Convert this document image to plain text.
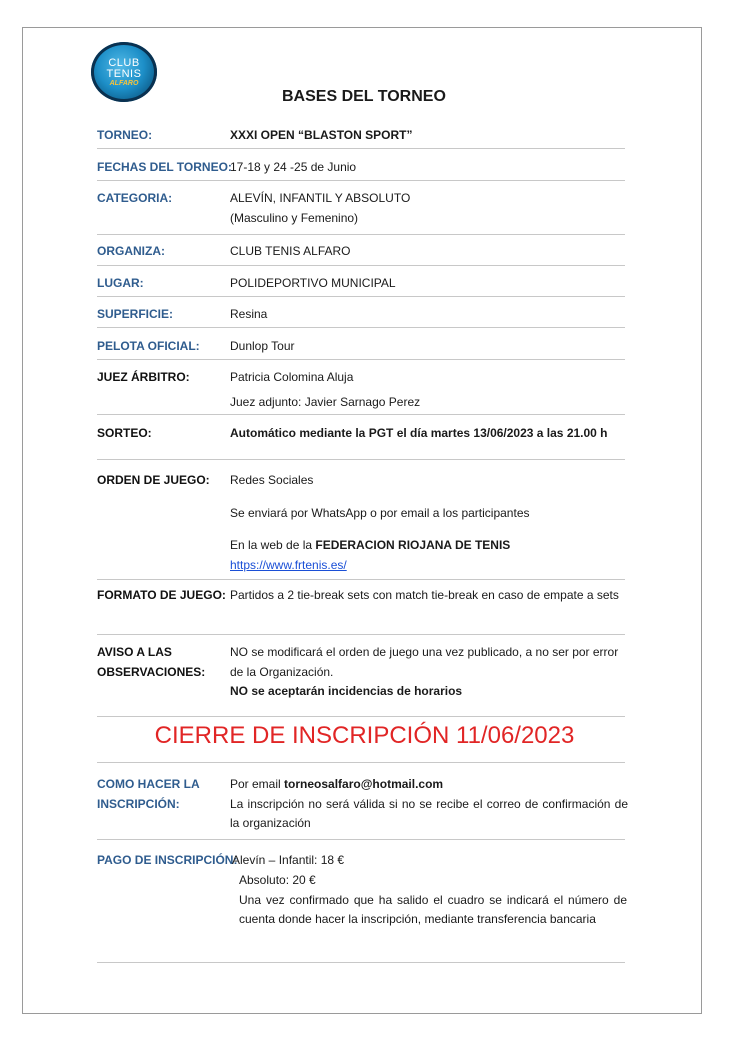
CLUB
TENIS
ALFARO
BASES DEL TORNEO
TORNEO:	XXXI OPEN “BLASTON SPORT”
FECHAS DEL TORNEO:
17-18 y 24 -25 de Junio
CATEGORIA:	ALEVÍN, INFANTIL Y ABSOLUTO
(Masculino y Femenino)
ORGANIZA:	CLUB TENIS ALFARO
LUGAR:	POLIDEPORTIVO MUNICIPAL
SUPERFICIE:	Resina
PELOTA OFICIAL:	Dunlop Tour
JUEZ ÁRBITRO:	Patricia Colomina Aluja
Juez adjunto: Javier Sarnago Perez
SORTEO:	Automático mediante la PGT el día martes 13/06/2023 a las 21.00 h
ORDEN DE JUEGO: Redes Sociales
Se enviará por WhatsApp o por email a los participantes
En la web de la FEDERACION RIOJANA DE TENIS
https://www.frtenis.es/
FORMATO DE JUEGO: Partidos a 2 tie-break sets con match tie-break en caso de empate a sets
AVISO A LAS
OBSERVACIONES:
NO se modificará el orden de juego una vez publicado, a no ser por error de la Organización.
NO se aceptarán incidencias de horarios
CIERRE DE INSCRIPCIÓN 11/06/2023
COMO HACER LA
INSCRIPCIÓN:
Por email torneosalfaro@hotmail.com
La inscripción no será válida si no se recibe el correo de confirmación de la organización
PAGO DE INSCRIPCIÓN:
Alevín – Infantil: 18 €
Absoluto: 20 €
Una vez confirmado que ha salido el cuadro se indicará el número de cuenta donde hacer la inscripción, mediante transferencia bancaria
